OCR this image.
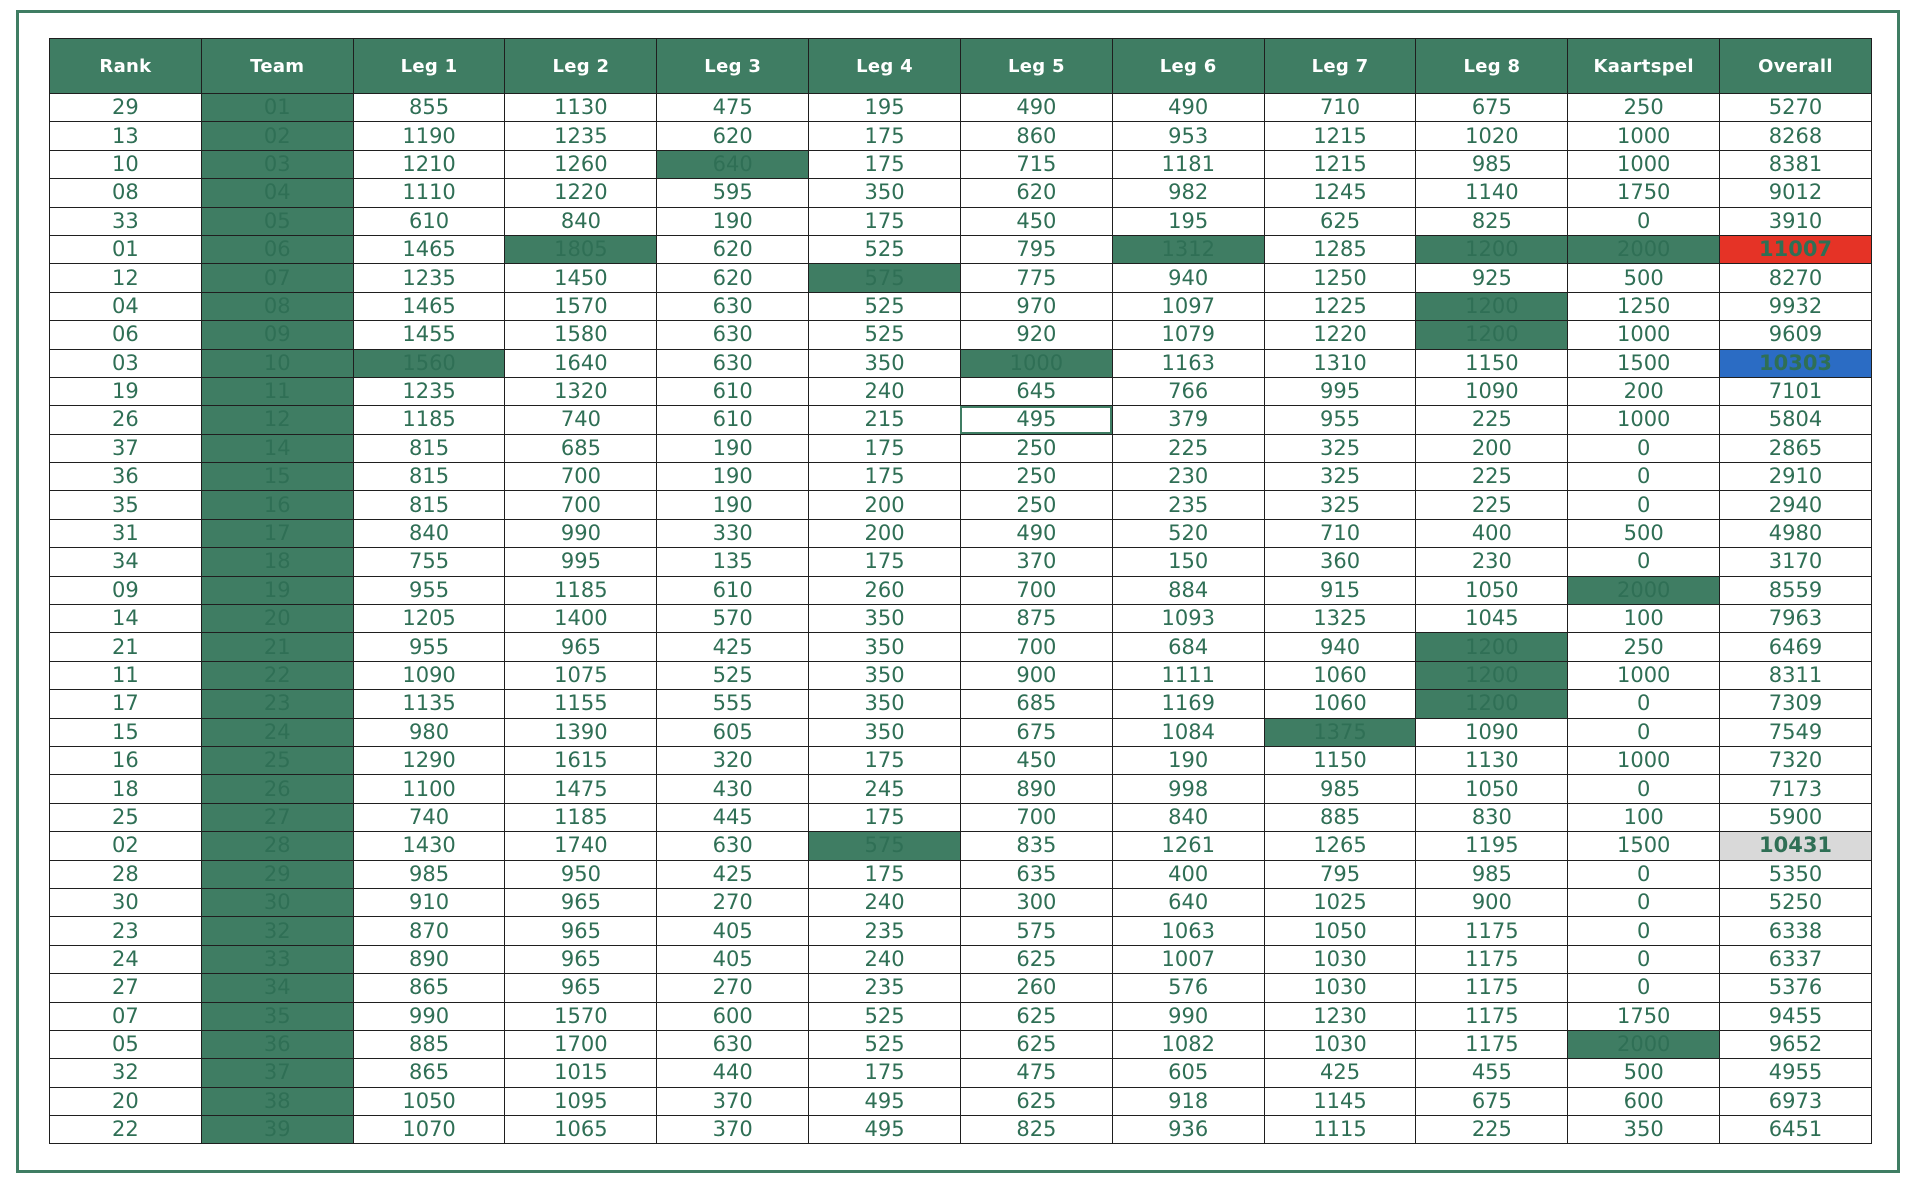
Rank	Team	Leg 1	Leg 2	Leg 3	Leg 4	Leg 5	Leg 6	Leg 7	Leg 8	Kaartspel	Overall
29	01	855	1130	475	195	490	490	710	675	250	5270
13	02	1190	1235	620	175	860	953	1215	1020	1000	8268
10	03	1210	1260	640	175	715	1181	1215	985	1000	8381
08	04	1110	1220	595	350	620	982	1245	1140	1750	9012
33	05	610	840	190	175	450	195	625	825	0	3910
01	06	1465	1805	620	525	795	1312	1285	1200	2000	11007
12	07	1235	1450	620	575	775	940	1250	925	500	8270
04	08	1465	1570	630	525	970	1097	1225	1200	1250	9932
06	09	1455	1580	630	525	920	1079	1220	1200	1000	9609
03	10	1560	1640	630	350	1000	1163	1310	1150	1500	10303
19	11	1235	1320	610	240	645	766	995	1090	200	7101
26	12	1185	740	610	215	495	379	955	225	1000	5804
37	14	815	685	190	175	250	225	325	200	0	2865
36	15	815	700	190	175	250	230	325	225	0	2910
35	16	815	700	190	200	250	235	325	225	0	2940
31	17	840	990	330	200	490	520	710	400	500	4980
34	18	755	995	135	175	370	150	360	230	0	3170
09	19	955	1185	610	260	700	884	915	1050	2000	8559
14	20	1205	1400	570	350	875	1093	1325	1045	100	7963
21	21	955	965	425	350	700	684	940	1200	250	6469
11	22	1090	1075	525	350	900	1111	1060	1200	1000	8311
17	23	1135	1155	555	350	685	1169	1060	1200	0	7309
15	24	980	1390	605	350	675	1084	1375	1090	0	7549
16	25	1290	1615	320	175	450	190	1150	1130	1000	7320
18	26	1100	1475	430	245	890	998	985	1050	0	7173
25	27	740	1185	445	175	700	840	885	830	100	5900
02	28	1430	1740	630	575	835	1261	1265	1195	1500	10431
28	29	985	950	425	175	635	400	795	985	0	5350
30	30	910	965	270	240	300	640	1025	900	0	5250
23	32	870	965	405	235	575	1063	1050	1175	0	6338
24	33	890	965	405	240	625	1007	1030	1175	0	6337
27	34	865	965	270	235	260	576	1030	1175	0	5376
07	35	990	1570	600	525	625	990	1230	1175	1750	9455
05	36	885	1700	630	525	625	1082	1030	1175	2000	9652
32	37	865	1015	440	175	475	605	425	455	500	4955
20	38	1050	1095	370	495	625	918	1145	675	600	6973
22	39	1070	1065	370	495	825	936	1115	225	350	6451
